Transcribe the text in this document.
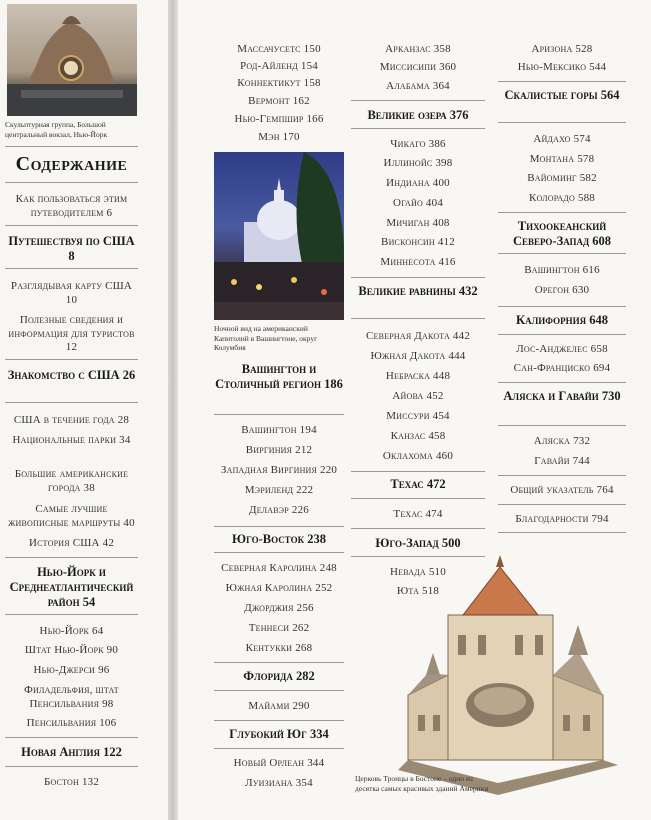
Скульптурная группа, Большой центральный вокзал, Нью-Йорк
Содержание
Как пользоваться этим путеводителем 6
Путешествуя по США 8
Разглядывая карту США 10
Полезные сведения и информация для туристов 12
Знакомство с США 26
США в течение года 28
Национальные парки 34
Большие американские города 38
Самые лучшие живописные маршруты 40
История США 42
Нью-Йорк и Среднеатлантический район 54
Нью-Йорк 64
Штат Нью-Йорк 90
Нью-Джерси 96
Филадельфия, штат Пенсильвания 98
Пенсильвания 106
Новая Англия 122
Бостон 132
Массачусетс 150
Род-Айленд 154
Коннектикут 158
Вермонт 162
Нью-Гемпшир 166
Мэн 170
Ночной вид на американский Капитолий в Вашингтоне, округ Колумбия
Вашингтон и Столичный регион 186
Вашингтон 194
Виргиния 212
Западная Виргиния 220
Мэриленд 222
Делавэр 226
Юго-Восток 238
Северная Каролина 248
Южная Каролина 252
Джорджия 256
Теннеси 262
Кентукки 268
Флорида 282
Майами 290
Глубокий Юг 334
Новый Орлеан 344
Луизиана 354
Арканзас 358
Миссисипи 360
Алабама 364
Великие озера 376
Чикаго 386
Иллинойс 398
Индиана 400
Огайо 404
Мичиган 408
Висконсин 412
Миннесота 416
Великие равнины 432
Северная Дакота 442
Южная Дакота 444
Небраска 448
Айова 452
Миссури 454
Канзас 458
Оклахома 460
Техас 472
Техас 474
Юго-Запад 500
Невада 510
Юта 518
Аризона 528
Нью-Мексико 544
Скалистые горы 564
Айдахо 574
Монтана 578
Вайоминг 582
Колорадо 588
Тихоокеанский Северо-Запад 608
Вашингтон 616
Орегон 630
Калифорния 648
Лос-Анджелес 658
Сан-Франциско 694
Аляска и Гавайи 730
Аляска 732
Гавайи 744
Общий указатель 764
Благодарности 794
Церковь Троицы в Бостоне – одно из десятка самых красивых зданий Америки
